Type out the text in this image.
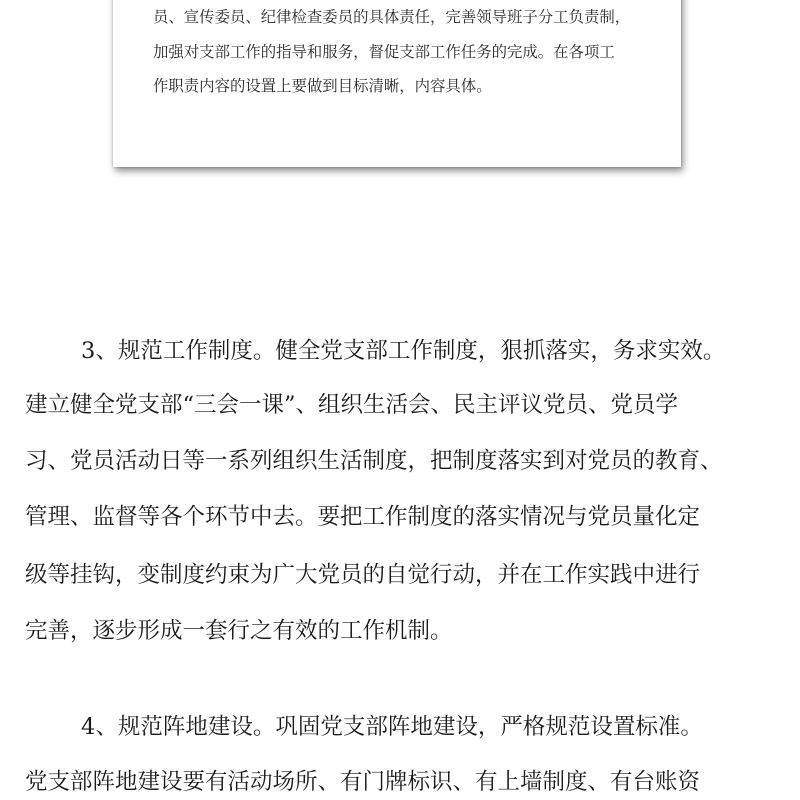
员、宣传委员、纪律检查委员的具体责任，完善领导班子分工负责制，
加强对支部工作的指导和服务，督促支部工作任务的完成。在各项工
作职责内容的设置上要做到目标清晰，内容具体。
3、规范工作制度。健全党支部工作制度，狠抓落实，务求实效。
建立健全党支部“三会一课”、组织生活会、民主评议党员、党员学
习、党员活动日等一系列组织生活制度，把制度落实到对党员的教育、
管理、监督等各个环节中去。要把工作制度的落实情况与党员量化定
级等挂钩，变制度约束为广大党员的自觉行动，并在工作实践中进行
完善，逐步形成一套行之有效的工作机制。
4、规范阵地建设。巩固党支部阵地建设，严格规范设置标准。
党支部阵地建设要有活动场所、有门牌标识、有上墙制度、有台账资
